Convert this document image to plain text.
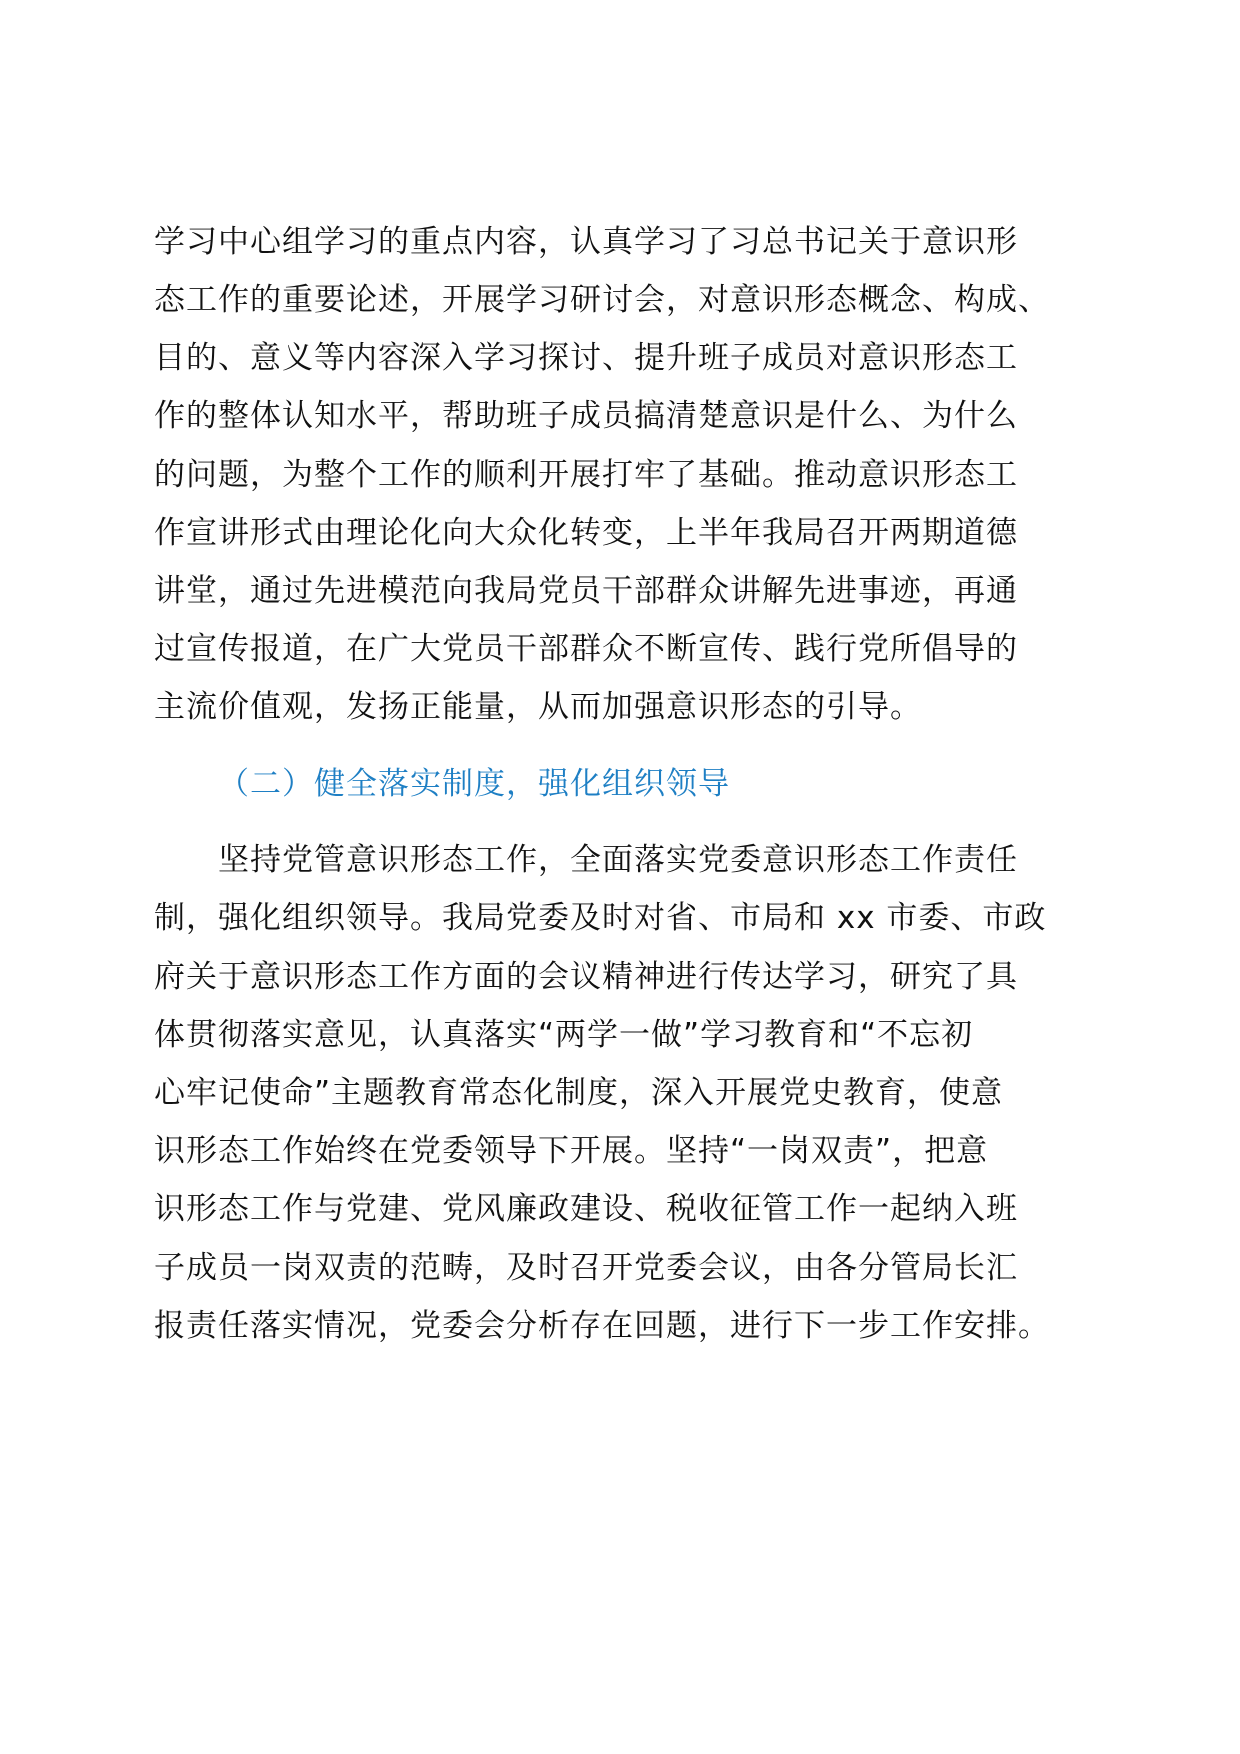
学习中心组学习的重点内容，认真学习了习总书记关于意识形

态工作的重要论述，开展学习研讨会，对意识形态概念、构成、

目的、意义等内容深入学习探讨、提升班子成员对意识形态工

作的整体认知水平，帮助班子成员搞清楚意识是什么、为什么

的问题，为整个工作的顺利开展打牢了基础。推动意识形态工

作宣讲形式由理论化向大众化转变，上半年我局召开两期道德

讲堂，通过先进模范向我局党员干部群众讲解先进事迹，再通

过宣传报道，在广大党员干部群众不断宣传、践行党所倡导的

主流价值观，发扬正能量，从而加强意识形态的引导。

（二）健全落实制度，强化组织领导

坚持党管意识形态工作，全面落实党委意识形态工作责任

制，强化组织领导。我局党委及时对省、市局和 xx 市委、市政

府关于意识形态工作方面的会议精神进行传达学习，研究了具

体贯彻落实意见，认真落实“两学一做”学习教育和“不忘初

心牢记使命”主题教育常态化制度，深入开展党史教育，使意

识形态工作始终在党委领导下开展。坚持“一岗双责”，把意

识形态工作与党建、党风廉政建设、税收征管工作一起纳入班

子成员一岗双责的范畴，及时召开党委会议，由各分管局长汇

报责任落实情况，党委会分析存在回题，进行下一步工作安排。
